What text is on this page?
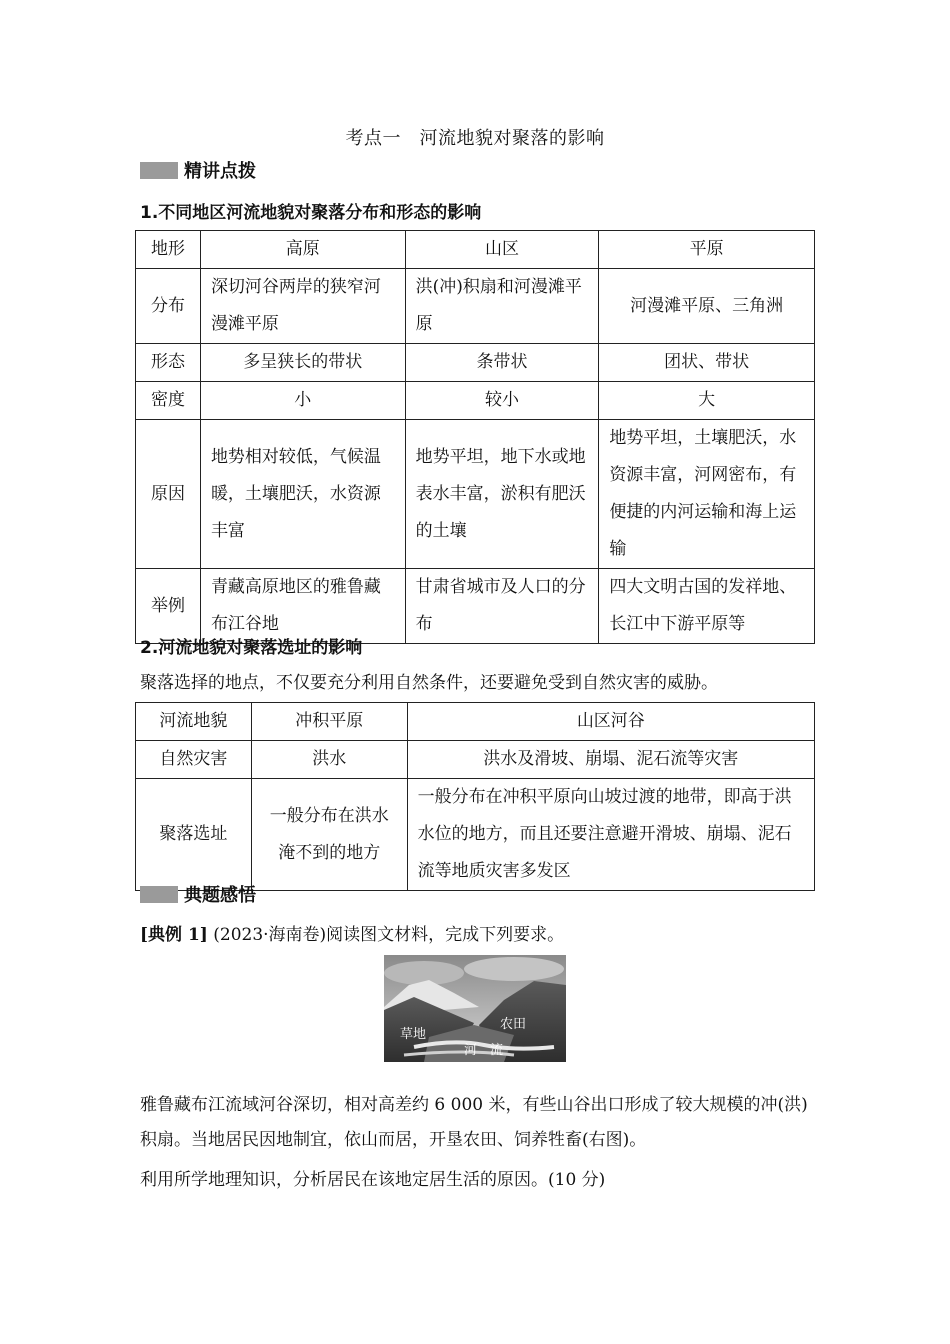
考点一　河流地貌对聚落的影响
精讲点拨
1.不同地区河流地貌对聚落分布和形态的影响
地形	高原	山区	平原
分布	深切河谷两岸的狭窄河漫滩平原	洪(冲)积扇和河漫滩平原	河漫滩平原、三角洲
形态	多呈狭长的带状	条带状	团状、带状
密度	小	较小	大
原因	地势相对较低，气候温暖，土壤肥沃，水资源丰富	地势平坦，地下水或地表水丰富，淤积有肥沃的土壤	地势平坦，土壤肥沃，水资源丰富，河网密布，有便捷的内河运输和海上运输
举例	青藏高原地区的雅鲁藏布江谷地	甘肃省城市及人口的分布	四大文明古国的发祥地、长江中下游平原等
2.河流地貌对聚落选址的影响
聚落选择的地点，不仅要充分利用自然条件，还要避免受到自然灾害的威胁。
河流地貌	冲积平原	山区河谷
自然灾害	洪水	洪水及滑坡、崩塌、泥石流等灾害
聚落选址	一般分布在洪水淹不到的地方	一般分布在冲积平原向山坡过渡的地带，即高于洪水位的地方，而且还要注意避开滑坡、崩塌、泥石流等地质灾害多发区
典题感悟
[典例 1] (2023·海南卷)阅读图文材料，完成下列要求。
草地
农田
河　流
雅鲁藏布江流域河谷深切，相对高差约 6 000 米，有些山谷出口形成了较大规模的冲(洪)积扇。当地居民因地制宜，依山而居，开垦农田、饲养牲畜(右图)。
利用所学地理知识，分析居民在该地定居生活的原因。(10 分)
